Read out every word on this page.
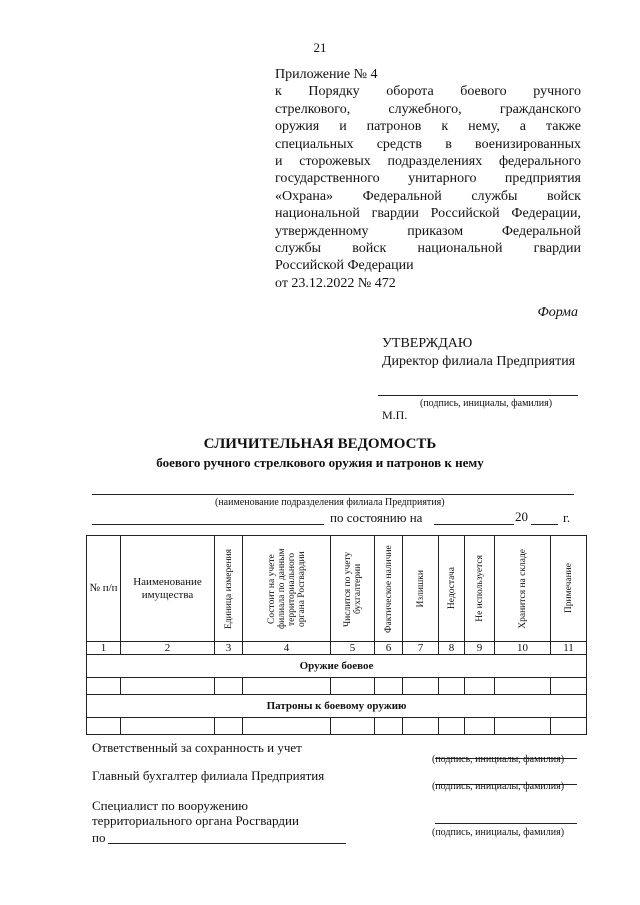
21
Приложение № 4
к Порядку оборота боевого ручного
стрелкового, служебного, гражданского
оружия и патронов к нему, а также
специальных средств в военизированных
и сторожевых подразделениях федерального
государственного унитарного предприятия
«Охрана» Федеральной службы войск
национальной гвардии Российской Федерации,
утвержденному приказом Федеральной
службы войск национальной гвардии
Российской Федерации
от 23.12.2022 № 472
Форма
УТВЕРЖДАЮ
Директор филиала Предприятия
(подпись, инициалы, фамилия)
М.П.
СЛИЧИТЕЛЬНАЯ ВЕДОМОСТЬ
боевого ручного стрелкового оружия и патронов к нему
(наименование подразделения филиала Предприятия)
по состоянию на	20	г.
№ п/п	Наименование имущества	Единица измерения	Состоит на учете филиала по данным территориального органа Росгвардии	Числится по учету бухгалтерии	Фактическое наличие	Излишки	Недостача	Не используется	Хранится на складе	Примечание

1	2	3	4	5	6	7	8	9	10	11
Оружие боевое										

Патроны к боевому оружию										

Ответственный за сохранность и учет
(подпись, инициалы, фамилия)
Главный бухгалтер филиала Предприятия
(подпись, инициалы, фамилия)
Специалист по вооружению
территориального органа Росгвардии
по	(подпись, инициалы, фамилия)
